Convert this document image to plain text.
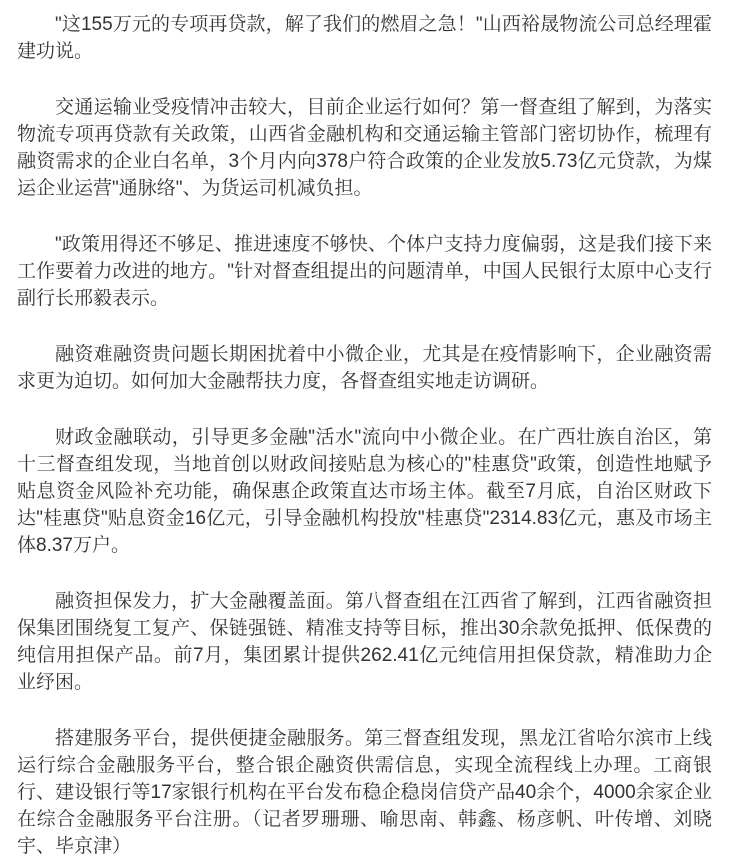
"这155万元的专项再贷款，解了我们的燃眉之急！"山西裕晟物流公司总经理霍建功说。

交通运输业受疫情冲击较大，目前企业运行如何？第一督查组了解到，为落实物流专项再贷款有关政策，山西省金融机构和交通运输主管部门密切协作，梳理有融资需求的企业白名单，3个月内向378户符合政策的企业发放5.73亿元贷款，为煤运企业运营"通脉络"、为货运司机减负担。

"政策用得还不够足、推进速度不够快、个体户支持力度偏弱，这是我们接下来工作要着力改进的地方。"针对督查组提出的问题清单，中国人民银行太原中心支行副行长邢毅表示。

融资难融资贵问题长期困扰着中小微企业，尤其是在疫情影响下，企业融资需求更为迫切。如何加大金融帮扶力度，各督查组实地走访调研。

财政金融联动，引导更多金融"活水"流向中小微企业。在广西壮族自治区，第十三督查组发现，当地首创以财政间接贴息为核心的"桂惠贷"政策，创造性地赋予贴息资金风险补充功能，确保惠企政策直达市场主体。截至7月底，自治区财政下达"桂惠贷"贴息资金16亿元，引导金融机构投放"桂惠贷"2314.83亿元，惠及市场主体8.37万户。

融资担保发力，扩大金融覆盖面。第八督查组在江西省了解到，江西省融资担保集团围绕复工复产、保链强链、精准支持等目标，推出30余款免抵押、低保费的纯信用担保产品。前7月，集团累计提供262.41亿元纯信用担保贷款，精准助力企业纾困。

搭建服务平台，提供便捷金融服务。第三督查组发现，黑龙江省哈尔滨市上线运行综合金融服务平台，整合银企融资供需信息，实现全流程线上办理。工商银行、建设银行等17家银行机构在平台发布稳企稳岗信贷产品40余个，4000余家企业在综合金融服务平台注册。（记者罗珊珊、喻思南、韩鑫、杨彦帆、叶传增、刘晓宇、毕京津）
